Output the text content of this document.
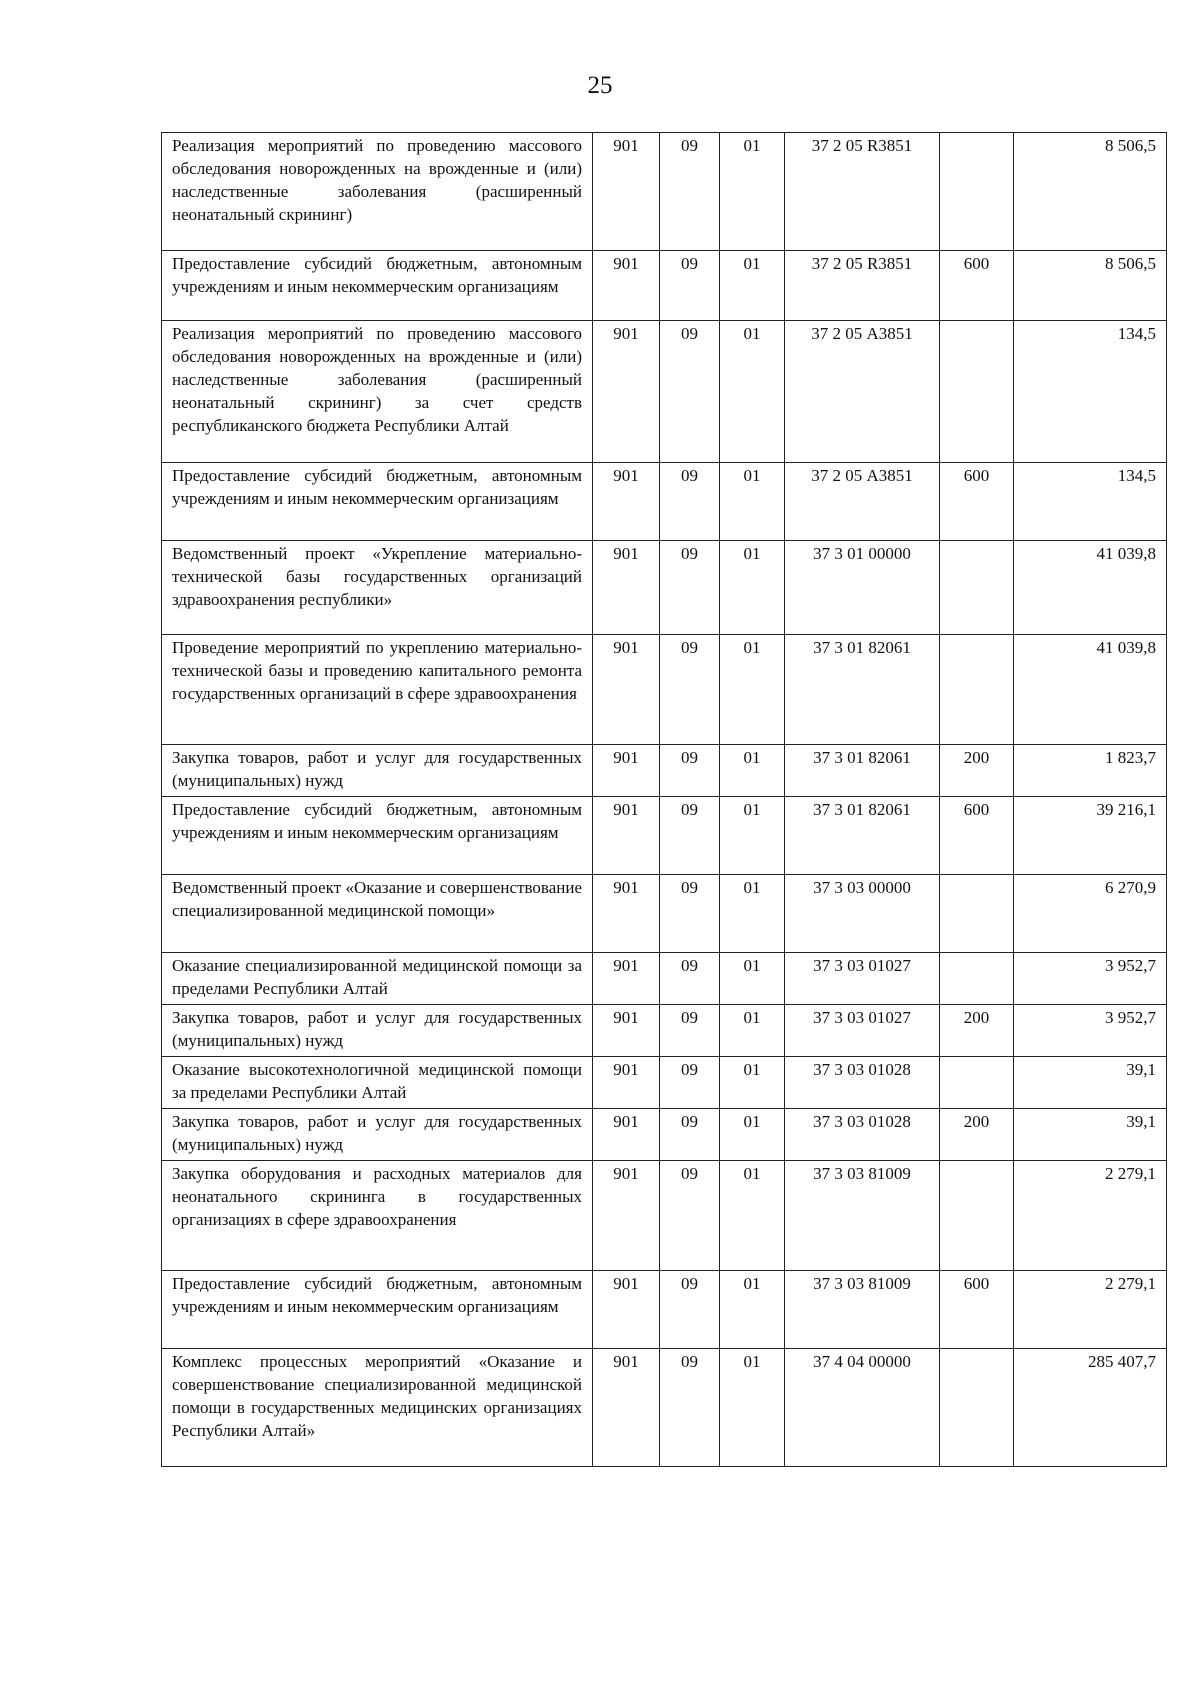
25
Реализация мероприятий по проведению массового обследования новорожденных на врожденные и (или) наследственные заболевания (расширенный неонатальный скрининг)	901	09	01	37 2 05 R3851		8 506,5
Предоставление субсидий бюджетным, автономным учреждениям и иным некоммерческим организациям	901	09	01	37 2 05 R3851	600	8 506,5
Реализация мероприятий по проведению массового обследования новорожденных на врожденные и (или) наследственные заболевания (расширенный неонатальный скрининг) за счет средств республиканского бюджета Республики Алтай	901	09	01	37 2 05 А3851		134,5
Предоставление субсидий бюджетным, автономным учреждениям и иным некоммерческим организациям	901	09	01	37 2 05 А3851	600	134,5
Ведомственный проект «Укрепление материально-технической базы государственных организаций здравоохранения республики»	901	09	01	37 3 01 00000		41 039,8
Проведение мероприятий по укреплению материально-технической базы и проведению капитального ремонта государственных организаций в сфере здравоохранения	901	09	01	37 3 01 82061		41 039,8
Закупка товаров, работ и услуг для государственных (муниципальных) нужд	901	09	01	37 3 01 82061	200	1 823,7
Предоставление субсидий бюджетным, автономным учреждениям и иным некоммерческим организациям	901	09	01	37 3 01 82061	600	39 216,1
Ведомственный проект «Оказание и совершенствование специализированной медицинской помощи»	901	09	01	37 3 03 00000		6 270,9
Оказание специализированной медицинской помощи за пределами Республики Алтай	901	09	01	37 3 03 01027		3 952,7
Закупка товаров, работ и услуг для государственных (муниципальных) нужд	901	09	01	37 3 03 01027	200	3 952,7
Оказание высокотехнологичной медицинской помощи за пределами Республики Алтай	901	09	01	37 3 03 01028		39,1
Закупка товаров, работ и услуг для государственных (муниципальных) нужд	901	09	01	37 3 03 01028	200	39,1
Закупка оборудования и расходных материалов для неонатального скрининга в государственных организациях в сфере здравоохранения	901	09	01	37 3 03 81009		2 279,1
Предоставление субсидий бюджетным, автономным учреждениям и иным некоммерческим организациям	901	09	01	37 3 03 81009	600	2 279,1
Комплекс процессных мероприятий «Оказание и совершенствование специализированной медицинской помощи в государственных медицинских организациях Республики Алтай»	901	09	01	37 4 04 00000		285 407,7
